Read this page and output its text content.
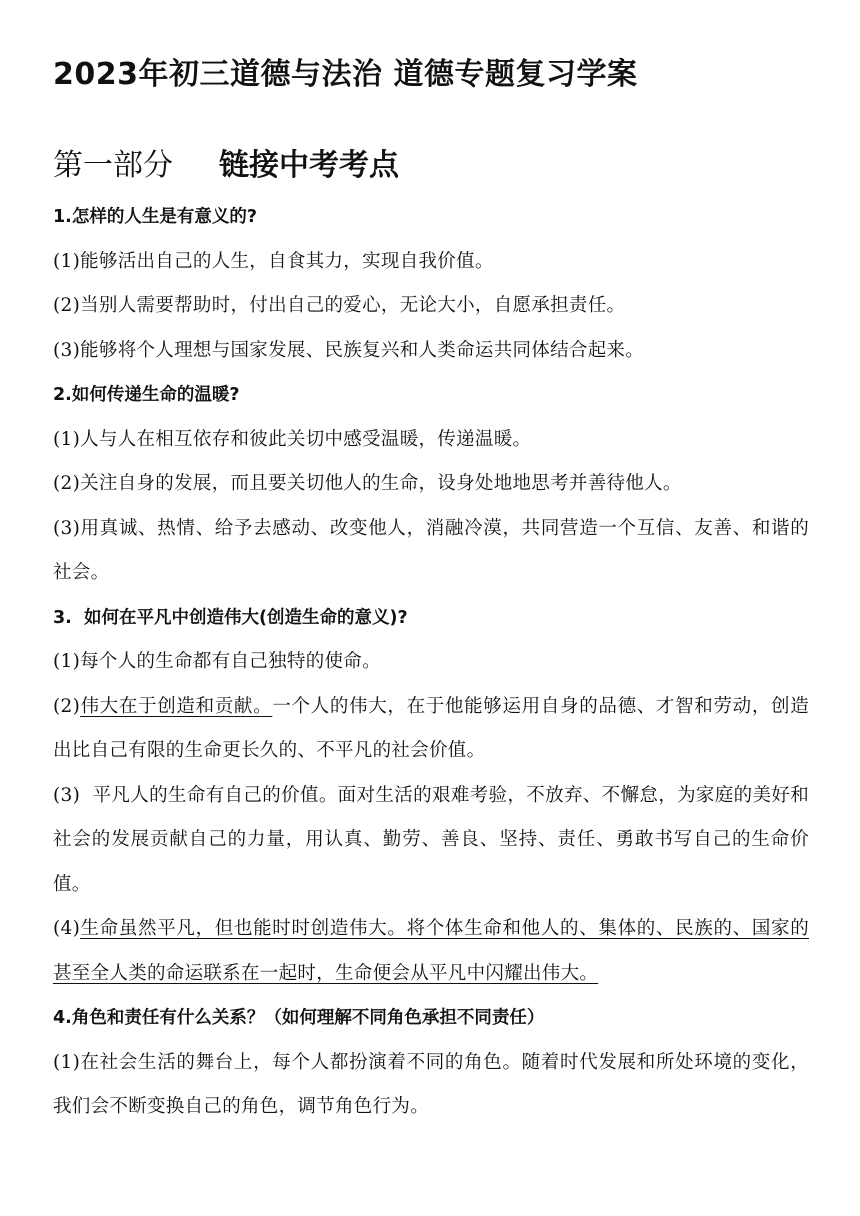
2023年初三道德与法治 道德专题复习学案
第一部分 链接中考考点

1.怎样的人生是有意义的?

(1)能够活出自己的人生，自食其力，实现自我价值。

(2)当别人需要帮助时，付出自己的爱心，无论大小，自愿承担责任。

(3)能够将个人理想与国家发展、民族复兴和人类命运共同体结合起来。

2.如何传递生命的温暖?

(1)人与人在相互依存和彼此关切中感受温暖，传递温暖。

(2)关注自身的发展，而且要关切他人的生命，设身处地地思考并善待他人。

(3)用真诚、热情、给予去感动、改变他人，消融冷漠，共同营造一个互信、友善、和谐的社会。

3.  如何在平凡中创造伟大(创造生命的意义)?

(1)每个人的生命都有自己独特的使命。

(2)伟大在于创造和贡献。一个人的伟大，在于他能够运用自身的品德、才智和劳动，创造出比自己有限的生命更长久的、不平凡的社会价值。

(3)  平凡人的生命有自己的价值。面对生活的艰难考验，不放弃、不懈怠，为家庭的美好和社会的发展贡献自己的力量，用认真、勤劳、善良、坚持、责任、勇敢书写自己的生命价值。

(4)生命虽然平凡，但也能时时创造伟大。将个体生命和他人的、集体的、民族的、国家的甚至全人类的命运联系在一起时，生命便会从平凡中闪耀出伟大。

4.角色和责任有什么关系？（如何理解不同角色承担不同责任）

(1)在社会生活的舞台上，每个人都扮演着不同的角色。随着时代发展和所处环境的变化，我们会不断变换自己的角色，调节角色行为。
